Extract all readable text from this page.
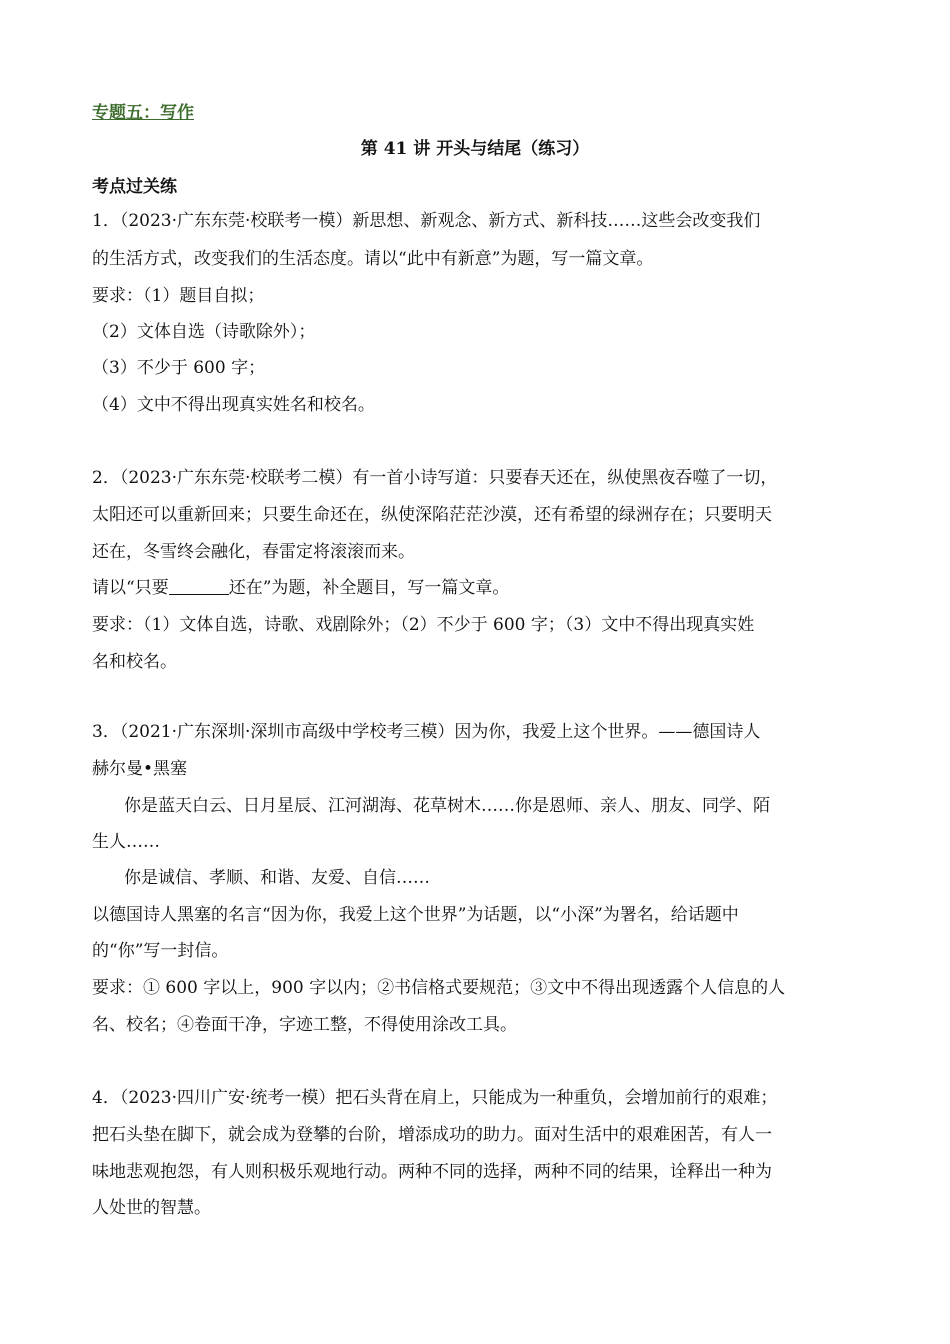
专题五：写作
第 41 讲 开头与结尾（练习）
考点过关练
1．（2023·广东东莞·校联考一模）新思想、新观念、新方式、新科技……这些会改变我们
的生活方式，改变我们的生活态度。请以“此中有新意”为题，写一篇文章。
要求：（1）题目自拟；
（2）文体自选（诗歌除外）；
（3）不少于 600 字；
（4）文中不得出现真实姓名和校名。
2．（2023·广东东莞·校联考二模）有一首小诗写道：只要春天还在，纵使黑夜吞噬了一切，
太阳还可以重新回来；只要生命还在，纵使深陷茫茫沙漠，还有希望的绿洲存在；只要明天
还在，冬雪终会融化，春雷定将滚滚而来。
请以“只要	还在”为题，补全题目，写一篇文章。
要求：（1）文体自选，诗歌、戏剧除外；（2）不少于 600 字；（3）文中不得出现真实姓
名和校名。
3．（2021·广东深圳·深圳市高级中学校考三模）因为你，我爱上这个世界。——德国诗人
赫尔曼•黑塞
你是蓝天白云、日月星辰、江河湖海、花草树木……你是恩师、亲人、朋友、同学、陌
生人……
你是诚信、孝顺、和谐、友爱、自信……
以德国诗人黑塞的名言“因为你，我爱上这个世界”为话题，以“小深”为署名，给话题中
的“你”写一封信。
要求：① 600 字以上，900 字以内；②书信格式要规范；③文中不得出现透露个人信息的人
名、校名；④卷面干净，字迹工整，不得使用涂改工具。
4．（2023·四川广安·统考一模）把石头背在肩上，只能成为一种重负，会增加前行的艰难；
把石头垫在脚下，就会成为登攀的台阶，增添成功的助力。面对生活中的艰难困苦，有人一
味地悲观抱怨，有人则积极乐观地行动。两种不同的选择，两种不同的结果，诠释出一种为
人处世的智慧。
